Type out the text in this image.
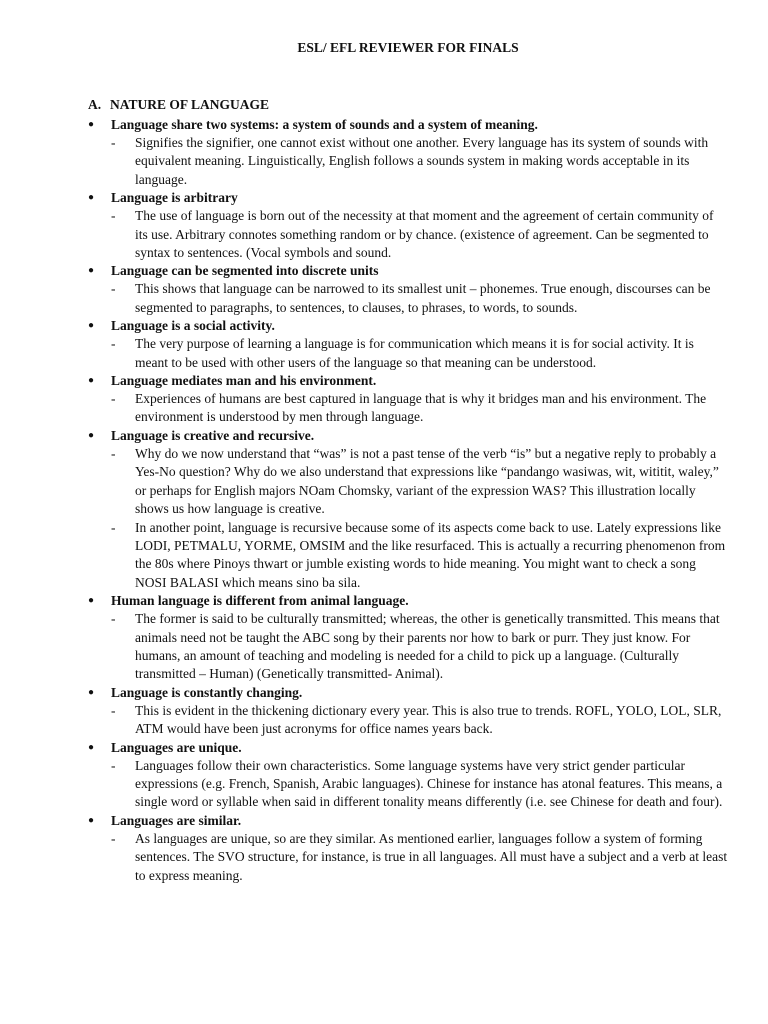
ESL/ EFL REVIEWER FOR FINALS
A. NATURE OF LANGUAGE
● Language share two systems: a system of sounds and a system of meaning.
- Signifies the signifier, one cannot exist without one another. Every language has its system of sounds with equivalent meaning. Linguistically, English follows a sounds system in making words acceptable in its language.
● Language is arbitrary
- The use of language is born out of the necessity at that moment and the agreement of certain community of its use. Arbitrary connotes something random or by chance. (existence of agreement. Can be segmented to syntax to sentences. (Vocal symbols and sound.
● Language can be segmented into discrete units
- This shows that language can be narrowed to its smallest unit – phonemes. True enough, discourses can be segmented to paragraphs, to sentences, to clauses, to phrases, to words, to sounds.
● Language is a social activity.
- The very purpose of learning a language is for communication which means it is for social activity. It is meant to be used with other users of the language so that meaning can be understood.
● Language mediates man and his environment.
- Experiences of humans are best captured in language that is why it bridges man and his environment. The environment is understood by men through language.
● Language is creative and recursive.
- Why do we now understand that “was” is not a past tense of the verb “is” but a negative reply to probably a Yes-No question? Why do we also understand that expressions like “pandango wasiwas, wit, wititit, waley,” or perhaps for English majors NOam Chomsky, variant of the expression WAS? This illustration locally shows us how language is creative.
- In another point, language is recursive because some of its aspects come back to use. Lately expressions like LODI, PETMALU, YORME, OMSIM and the like resurfaced. This is actually a recurring phenomenon from the 80s where Pinoys thwart or jumble existing words to hide meaning. You might want to check a song NOSI BALASI which means sino ba sila.
● Human language is different from animal language.
- The former is said to be culturally transmitted; whereas, the other is genetically transmitted. This means that animals need not be taught the ABC song by their parents nor how to bark or purr. They just know. For humans, an amount of teaching and modeling is needed for a child to pick up a language. (Culturally transmitted – Human) (Genetically transmitted- Animal).
● Language is constantly changing.
- This is evident in the thickening dictionary every year. This is also true to trends. ROFL, YOLO, LOL, SLR, ATM would have been just acronyms for office names years back.
● Languages are unique.
- Languages follow their own characteristics. Some language systems have very strict gender particular expressions (e.g. French, Spanish, Arabic languages). Chinese for instance has atonal features. This means, a single word or syllable when said in different tonality means differently (i.e. see Chinese for death and four).
● Languages are similar.
- As languages are unique, so are they similar. As mentioned earlier, languages follow a system of forming sentences. The SVO structure, for instance, is true in all languages. All must have a subject and a verb at least to express meaning.
